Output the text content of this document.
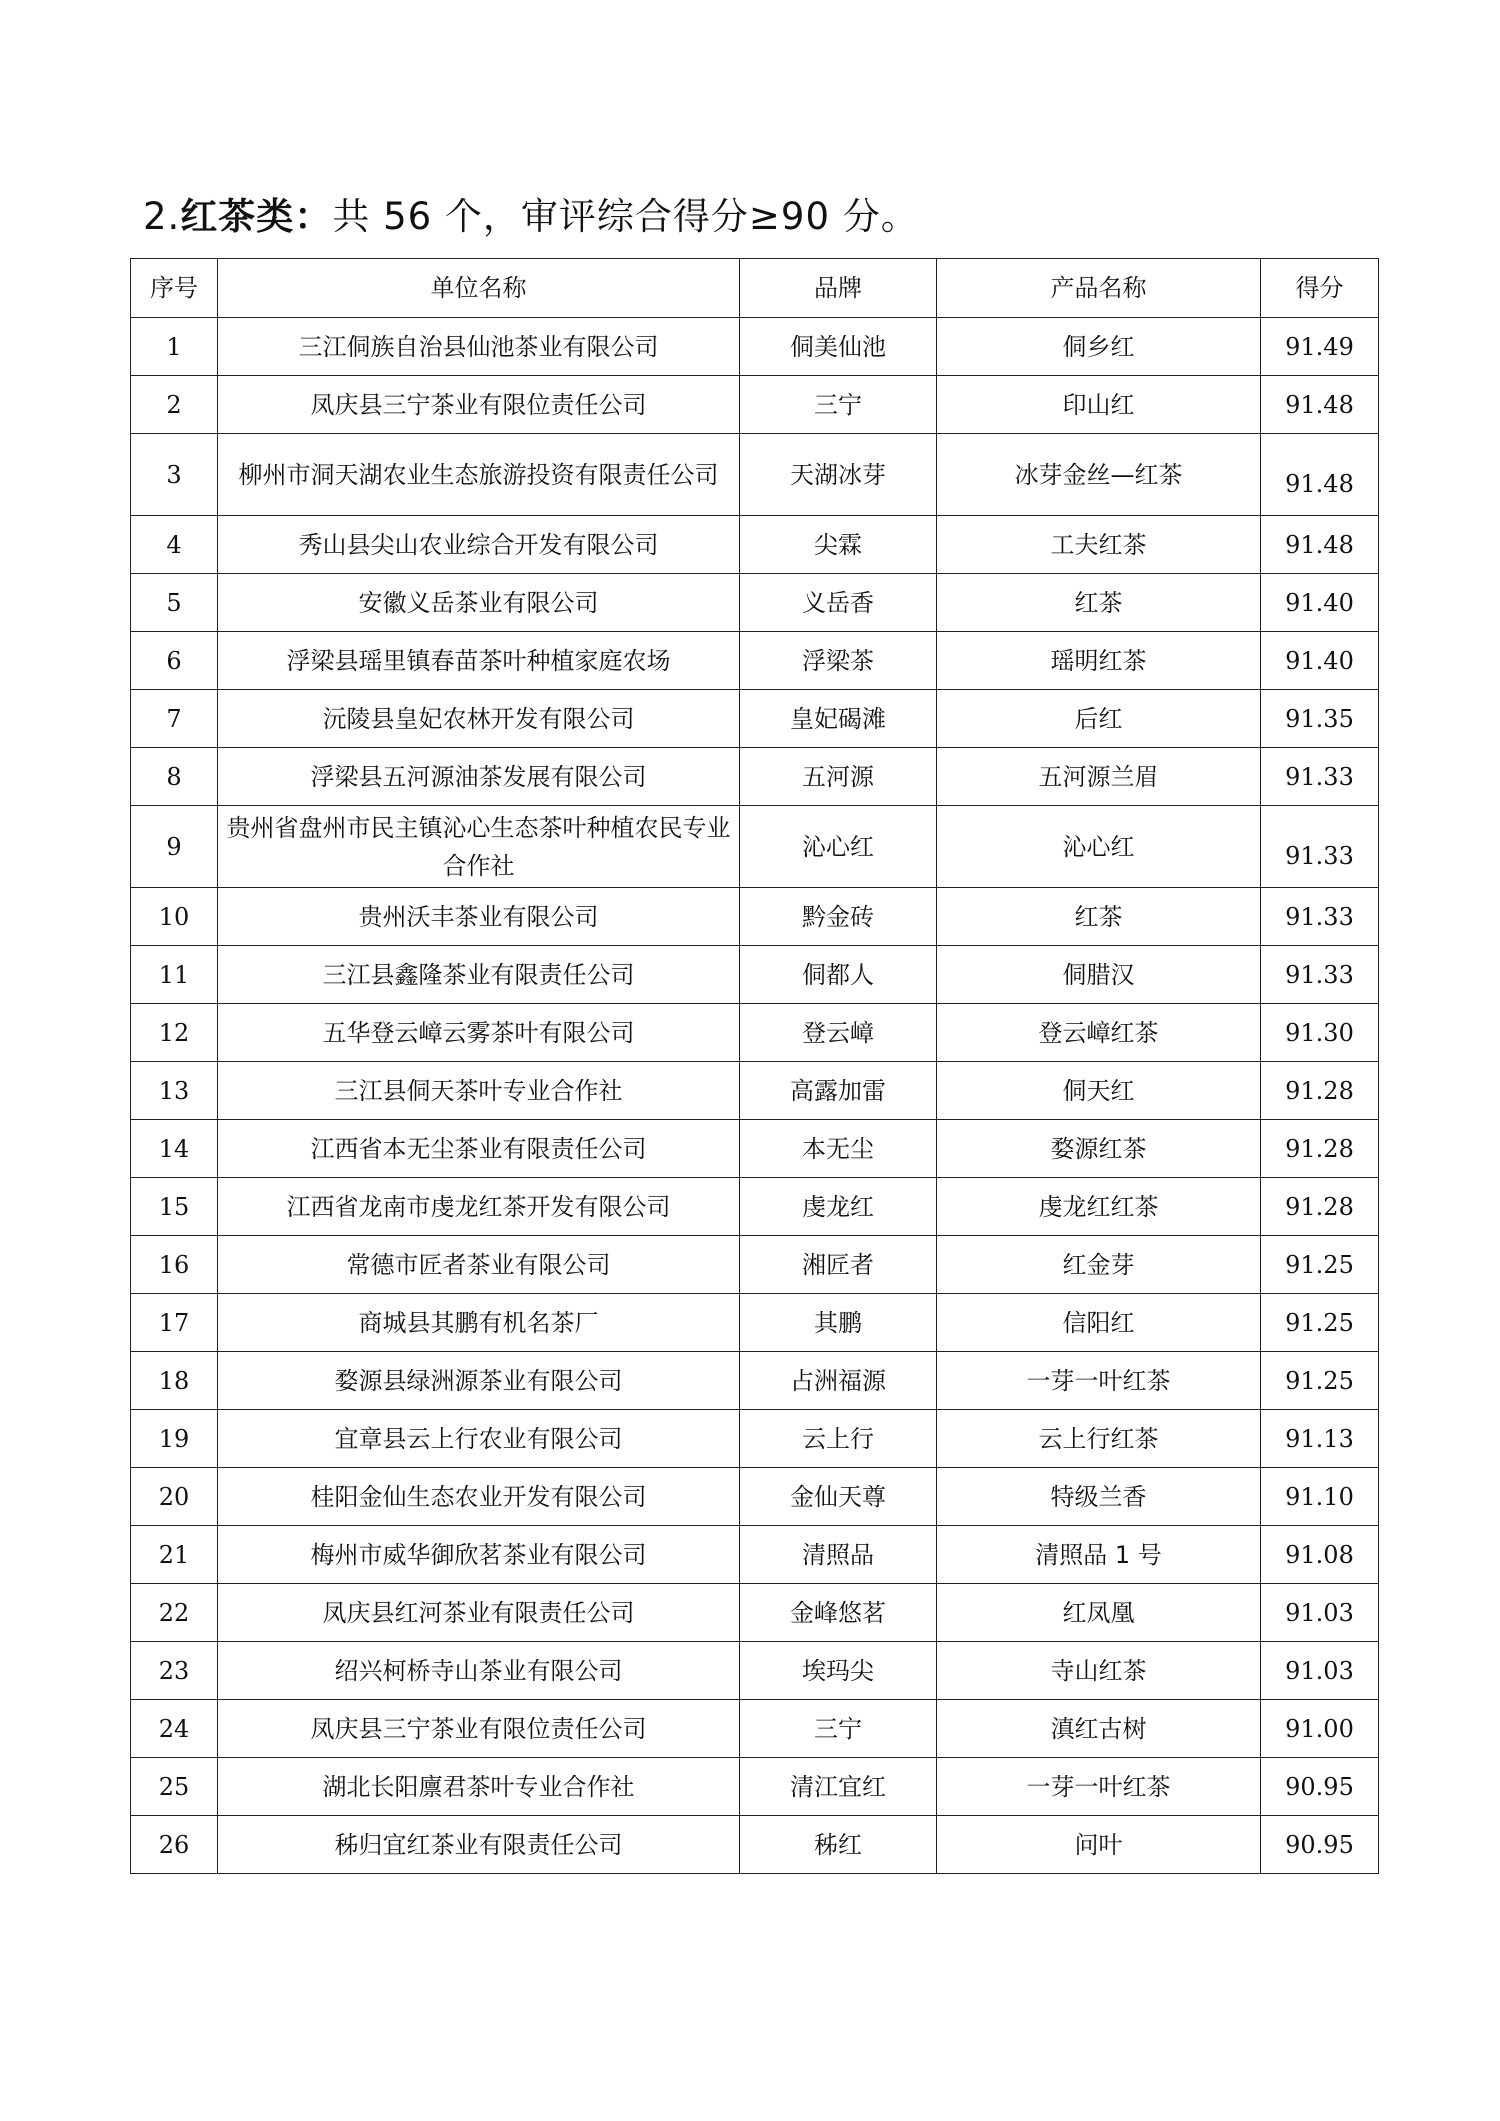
2.红茶类：共 56 个，审评综合得分≥90 分。
序号	单位名称	品牌	产品名称	得分
1	三江侗族自治县仙池茶业有限公司	侗美仙池	侗乡红	91.49
2	凤庆县三宁茶业有限位责任公司	三宁	印山红	91.48
3	柳州市洞天湖农业生态旅游投资有限责任公司	天湖冰芽	冰芽金丝—红茶	91.48
4	秀山县尖山农业综合开发有限公司	尖霖	工夫红茶	91.48
5	安徽义岳茶业有限公司	义岳香	红茶	91.40
6	浮梁县瑶里镇春苗茶叶种植家庭农场	浮梁茶	瑶明红茶	91.40
7	沅陵县皇妃农林开发有限公司	皇妃碣滩	后红	91.35
8	浮梁县五河源油茶发展有限公司	五河源	五河源兰眉	91.33
9	贵州省盘州市民主镇沁心生态茶叶种植农民专业合作社	沁心红	沁心红	91.33
10	贵州沃丰茶业有限公司	黔金砖	红茶	91.33
11	三江县鑫隆茶业有限责任公司	侗都人	侗腊汉	91.33
12	五华登云嶂云雾茶叶有限公司	登云嶂	登云嶂红茶	91.30
13	三江县侗天茶叶专业合作社	高露加雷	侗天红	91.28
14	江西省本无尘茶业有限责任公司	本无尘	婺源红茶	91.28
15	江西省龙南市虔龙红茶开发有限公司	虔龙红	虔龙红红茶	91.28
16	常德市匠者茶业有限公司	湘匠者	红金芽	91.25
17	商城县其鹏有机名茶厂	其鹏	信阳红	91.25
18	婺源县绿洲源茶业有限公司	占洲福源	一芽一叶红茶	91.25
19	宜章县云上行农业有限公司	云上行	云上行红茶	91.13
20	桂阳金仙生态农业开发有限公司	金仙天尊	特级兰香	91.10
21	梅州市威华御欣茗茶业有限公司	清照品	清照品 1 号	91.08
22	凤庆县红河茶业有限责任公司	金峰悠茗	红凤凰	91.03
23	绍兴柯桥寺山茶业有限公司	埃玛尖	寺山红茶	91.03
24	凤庆县三宁茶业有限位责任公司	三宁	滇红古树	91.00
25	湖北长阳廪君茶叶专业合作社	清江宜红	一芽一叶红茶	90.95
26	秭归宜红茶业有限责任公司	秭红	问叶	90.95
